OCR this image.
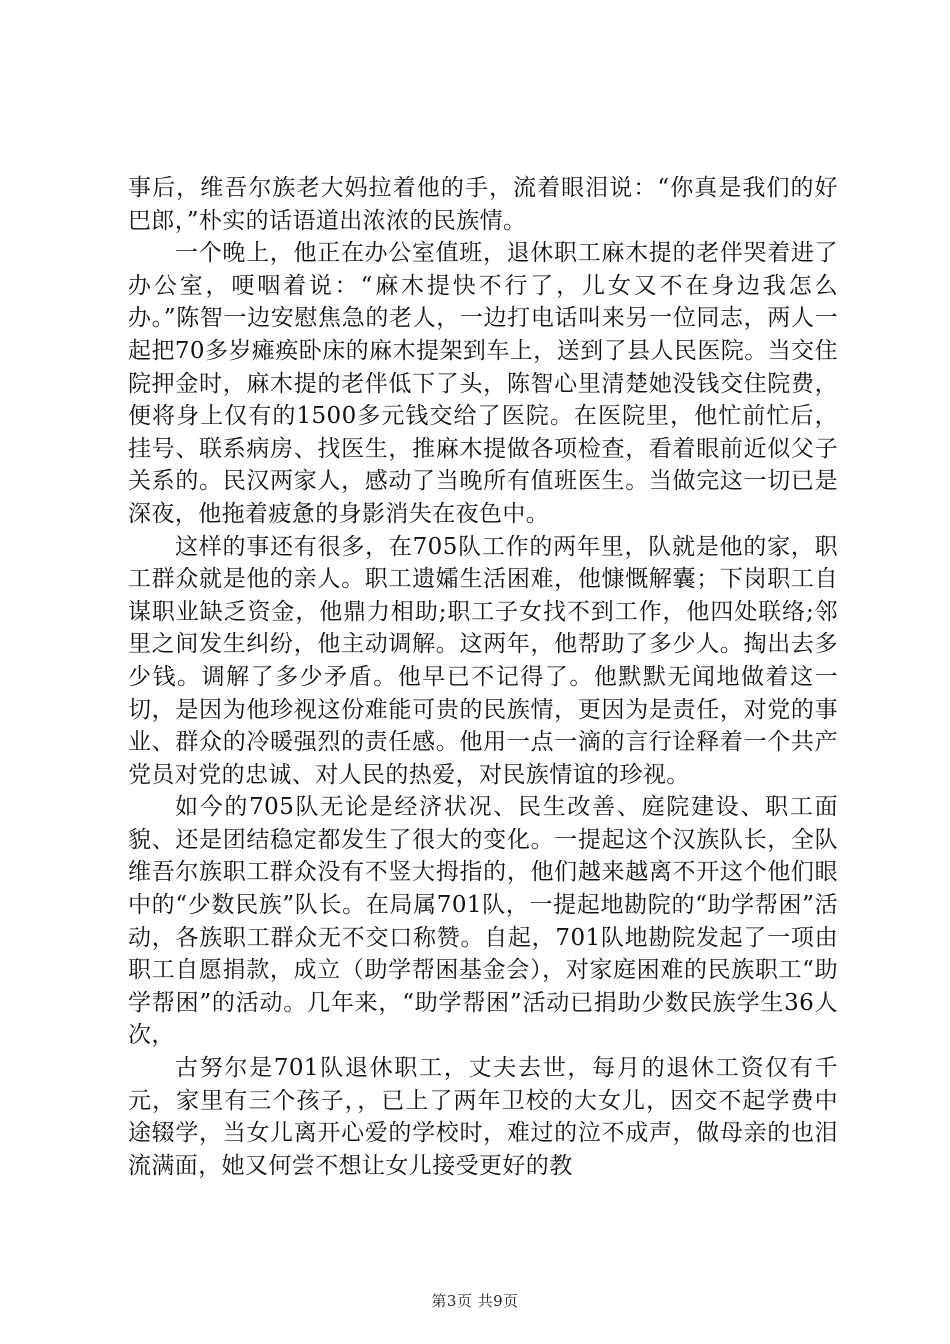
事后，维吾尔族老大妈拉着他的手，流着眼泪说：“你真是我们的好巴郎，”朴实的话语道出浓浓的民族情。

一个晚上，他正在办公室值班，退休职工麻木提的老伴哭着进了办公室，哽咽着说：“麻木提快不行了，儿女又不在身边我怎么办。”陈智一边安慰焦急的老人，一边打电话叫来另一位同志，两人一起把70多岁瘫痪卧床的麻木提架到车上，送到了县人民医院。当交住院押金时，麻木提的老伴低下了头，陈智心里清楚她没钱交住院费，便将身上仅有的1500多元钱交给了医院。在医院里，他忙前忙后，挂号、联系病房、找医生，推麻木提做各项检查，看着眼前近似父子关系的。民汉两家人，感动了当晚所有值班医生。当做完这一切已是深夜，他拖着疲惫的身影消失在夜色中。

这样的事还有很多，在705队工作的两年里，队就是他的家，职工群众就是他的亲人。职工遗孀生活困难，他慷慨解囊；下岗职工自谋职业缺乏资金，他鼎力相助;职工子女找不到工作，他四处联络;邻里之间发生纠纷，他主动调解。这两年，他帮助了多少人。掏出去多少钱。调解了多少矛盾。他早已不记得了。他默默无闻地做着这一切，是因为他珍视这份难能可贵的民族情，更因为是责任，对党的事业、群众的冷暖强烈的责任感。他用一点一滴的言行诠释着一个共产党员对党的忠诚、对人民的热爱，对民族情谊的珍视。

如今的705队无论是经济状况、民生改善、庭院建设、职工面貌、还是团结稳定都发生了很大的变化。一提起这个汉族队长，全队维吾尔族职工群众没有不竖大拇指的，他们越来越离不开这个他们眼中的“少数民族”队长。在局属701队，一提起地勘院的“助学帮困”活动，各族职工群众无不交口称赞。自起，701队地勘院发起了一项由职工自愿捐款，成立（助学帮困基金会），对家庭困难的民族职工“助学帮困”的活动。几年来，“助学帮困”活动已捐助少数民族学生36人次，

古努尔是701队退休职工，丈夫去世，每月的退休工资仅有千元，家里有三个孩子，，已上了两年卫校的大女儿，因交不起学费中途辍学，当女儿离开心爱的学校时，难过的泣不成声，做母亲的也泪流满面，她又何尝不想让女儿接受更好的教

第3页 共9页
